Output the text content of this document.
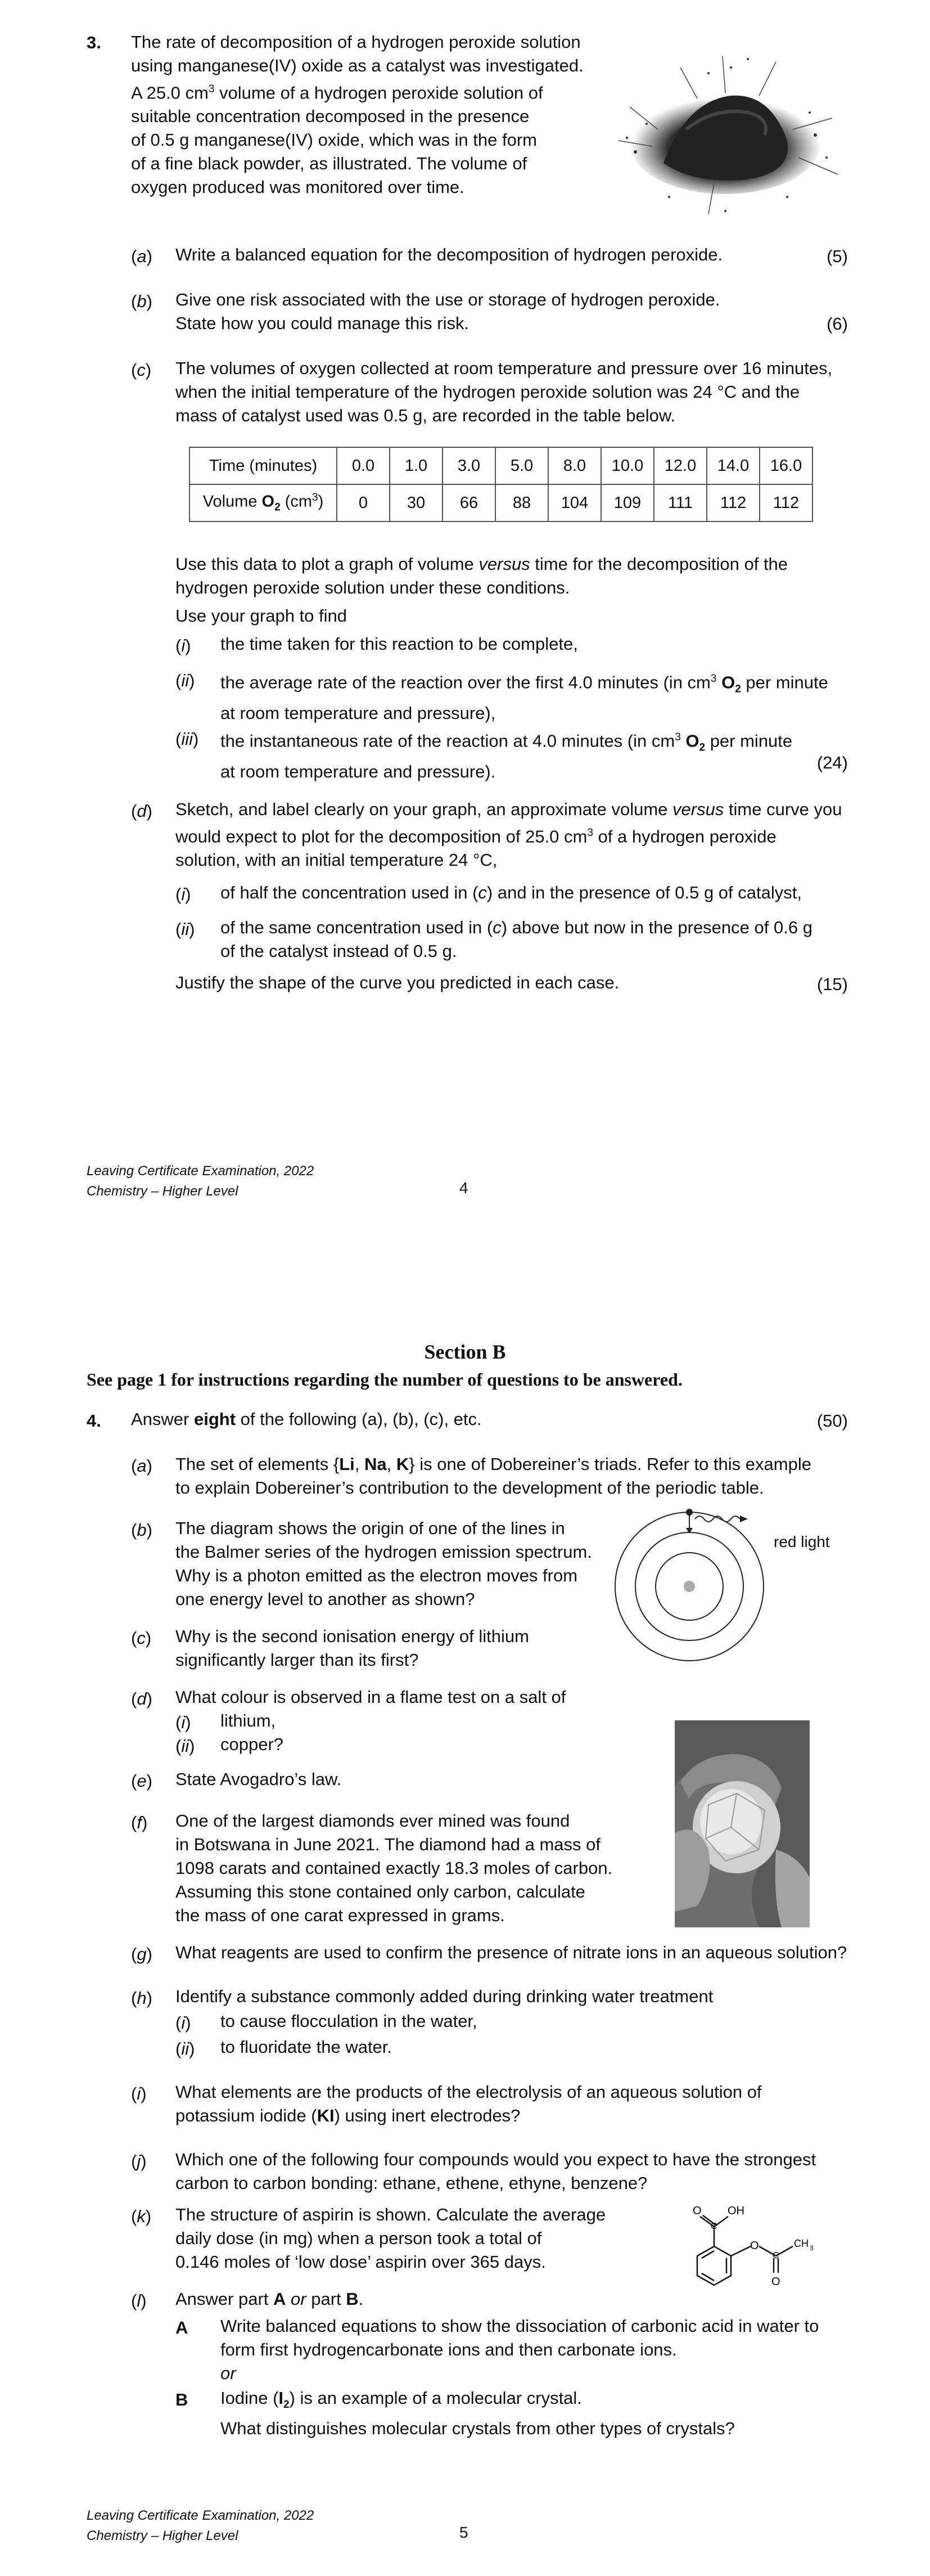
3. The rate of decomposition of a hydrogen peroxide solution
using manganese(IV) oxide as a catalyst was investigated.
A 25.0 $cm^3$ volume of a hydrogen peroxide solution of
suitable concentration decomposed in the presence
of 0.5 g manganese(IV) oxide, which was in the form
of a fine black powder, as illustrated. The volume of
oxygen produced was monitored over time.
(a) Write a balanced equation for the decomposition of hydrogen peroxide.	(5)
(b) Give one risk associated with the use or storage of hydrogen peroxide.
State how you could manage this risk.	(6)
(c) The volumes of oxygen collected at room temperature and pressure over 16 minutes,
when the initial temperature of the hydrogen peroxide solution was 24 °C and the
mass of catalyst used was 0.5 g, are recorded in the table below.
Time (minutes)	0.0	1.0	3.0	5.0	8.0	10.0	12.0	14.0	16.0
Volume $O_2$ $(cm^3)$	0	30	66	88	104	109	111	112	112
Use this data to plot a graph of volume versus time for the decomposition of the
hydrogen peroxide solution under these conditions.
Use your graph to find
(i) the time taken for this reaction to be complete,
(ii) the average rate of the reaction over the first 4.0 minutes (in $cm^3$ $O_2$ per minute
at room temperature and pressure),
(iii) the instantaneous rate of the reaction at 4.0 minutes (in $cm^3$ $O_2$ per minute
at room temperature and pressure).	(24)
(d) Sketch, and label clearly on your graph, an approximate volume versus time curve you
would expect to plot for the decomposition of 25.0 $cm^3$ of a hydrogen peroxide
solution, with an initial temperature 24 °C,
(i) of half the concentration used in (c) and in the presence of 0.5 g of catalyst,
(ii) of the same concentration used in (c) above but now in the presence of 0.6 g
of the catalyst instead of 0.5 g.
Justify the shape of the curve you predicted in each case.	(15)
Leaving Certificate Examination, 2022
Chemistry – Higher Level	4
Section B
See page 1 for instructions regarding the number of questions to be answered.
4. Answer eight of the following (a), (b), (c), etc.	(50)
(a) The set of elements {Li, Na, K} is one of Dobereiner’s triads. Refer to this example
to explain Dobereiner’s contribution to the development of the periodic table.
(b) The diagram shows the origin of one of the lines in
the Balmer series of the hydrogen emission spectrum.
Why is a photon emitted as the electron moves from
one energy level to another as shown?
red light
(c) Why is the second ionisation energy of lithium
significantly larger than its first?
(d) What colour is observed in a flame test on a salt of
(i) lithium,
(ii) copper?
(e) State Avogadro’s law.
(f) One of the largest diamonds ever mined was found
in Botswana in June 2021. The diamond had a mass of
1098 carats and contained exactly 18.3 moles of carbon.
Assuming this stone contained only carbon, calculate
the mass of one carat expressed in grams.
(g) What reagents are used to confirm the presence of nitrate ions in an aqueous solution?
(h) Identify a substance commonly added during drinking water treatment
(i) to cause flocculation in the water,
(ii) to fluoridate the water.
(i) What elements are the products of the electrolysis of an aqueous solution of
potassium iodide (KI) using inert electrodes?
(j) Which one of the following four compounds would you expect to have the strongest
carbon to carbon bonding: ethane, ethene, ethyne, benzene?
(k) The structure of aspirin is shown. Calculate the average
daily dose (in mg) when a person took a total of
0.146 moles of ‘low dose’ aspirin over 365 days.
O
C
OH
O
C
CH 3
O
(l) Answer part A or part B.
A Write balanced equations to show the dissociation of carbonic acid in water to
form first hydrogencarbonate ions and then carbonate ions.
or
B Iodine $(I_2)$ is an example of a molecular crystal.
What distinguishes molecular crystals from other types of crystals?
Leaving Certificate Examination, 2022
Chemistry – Higher Level	5
